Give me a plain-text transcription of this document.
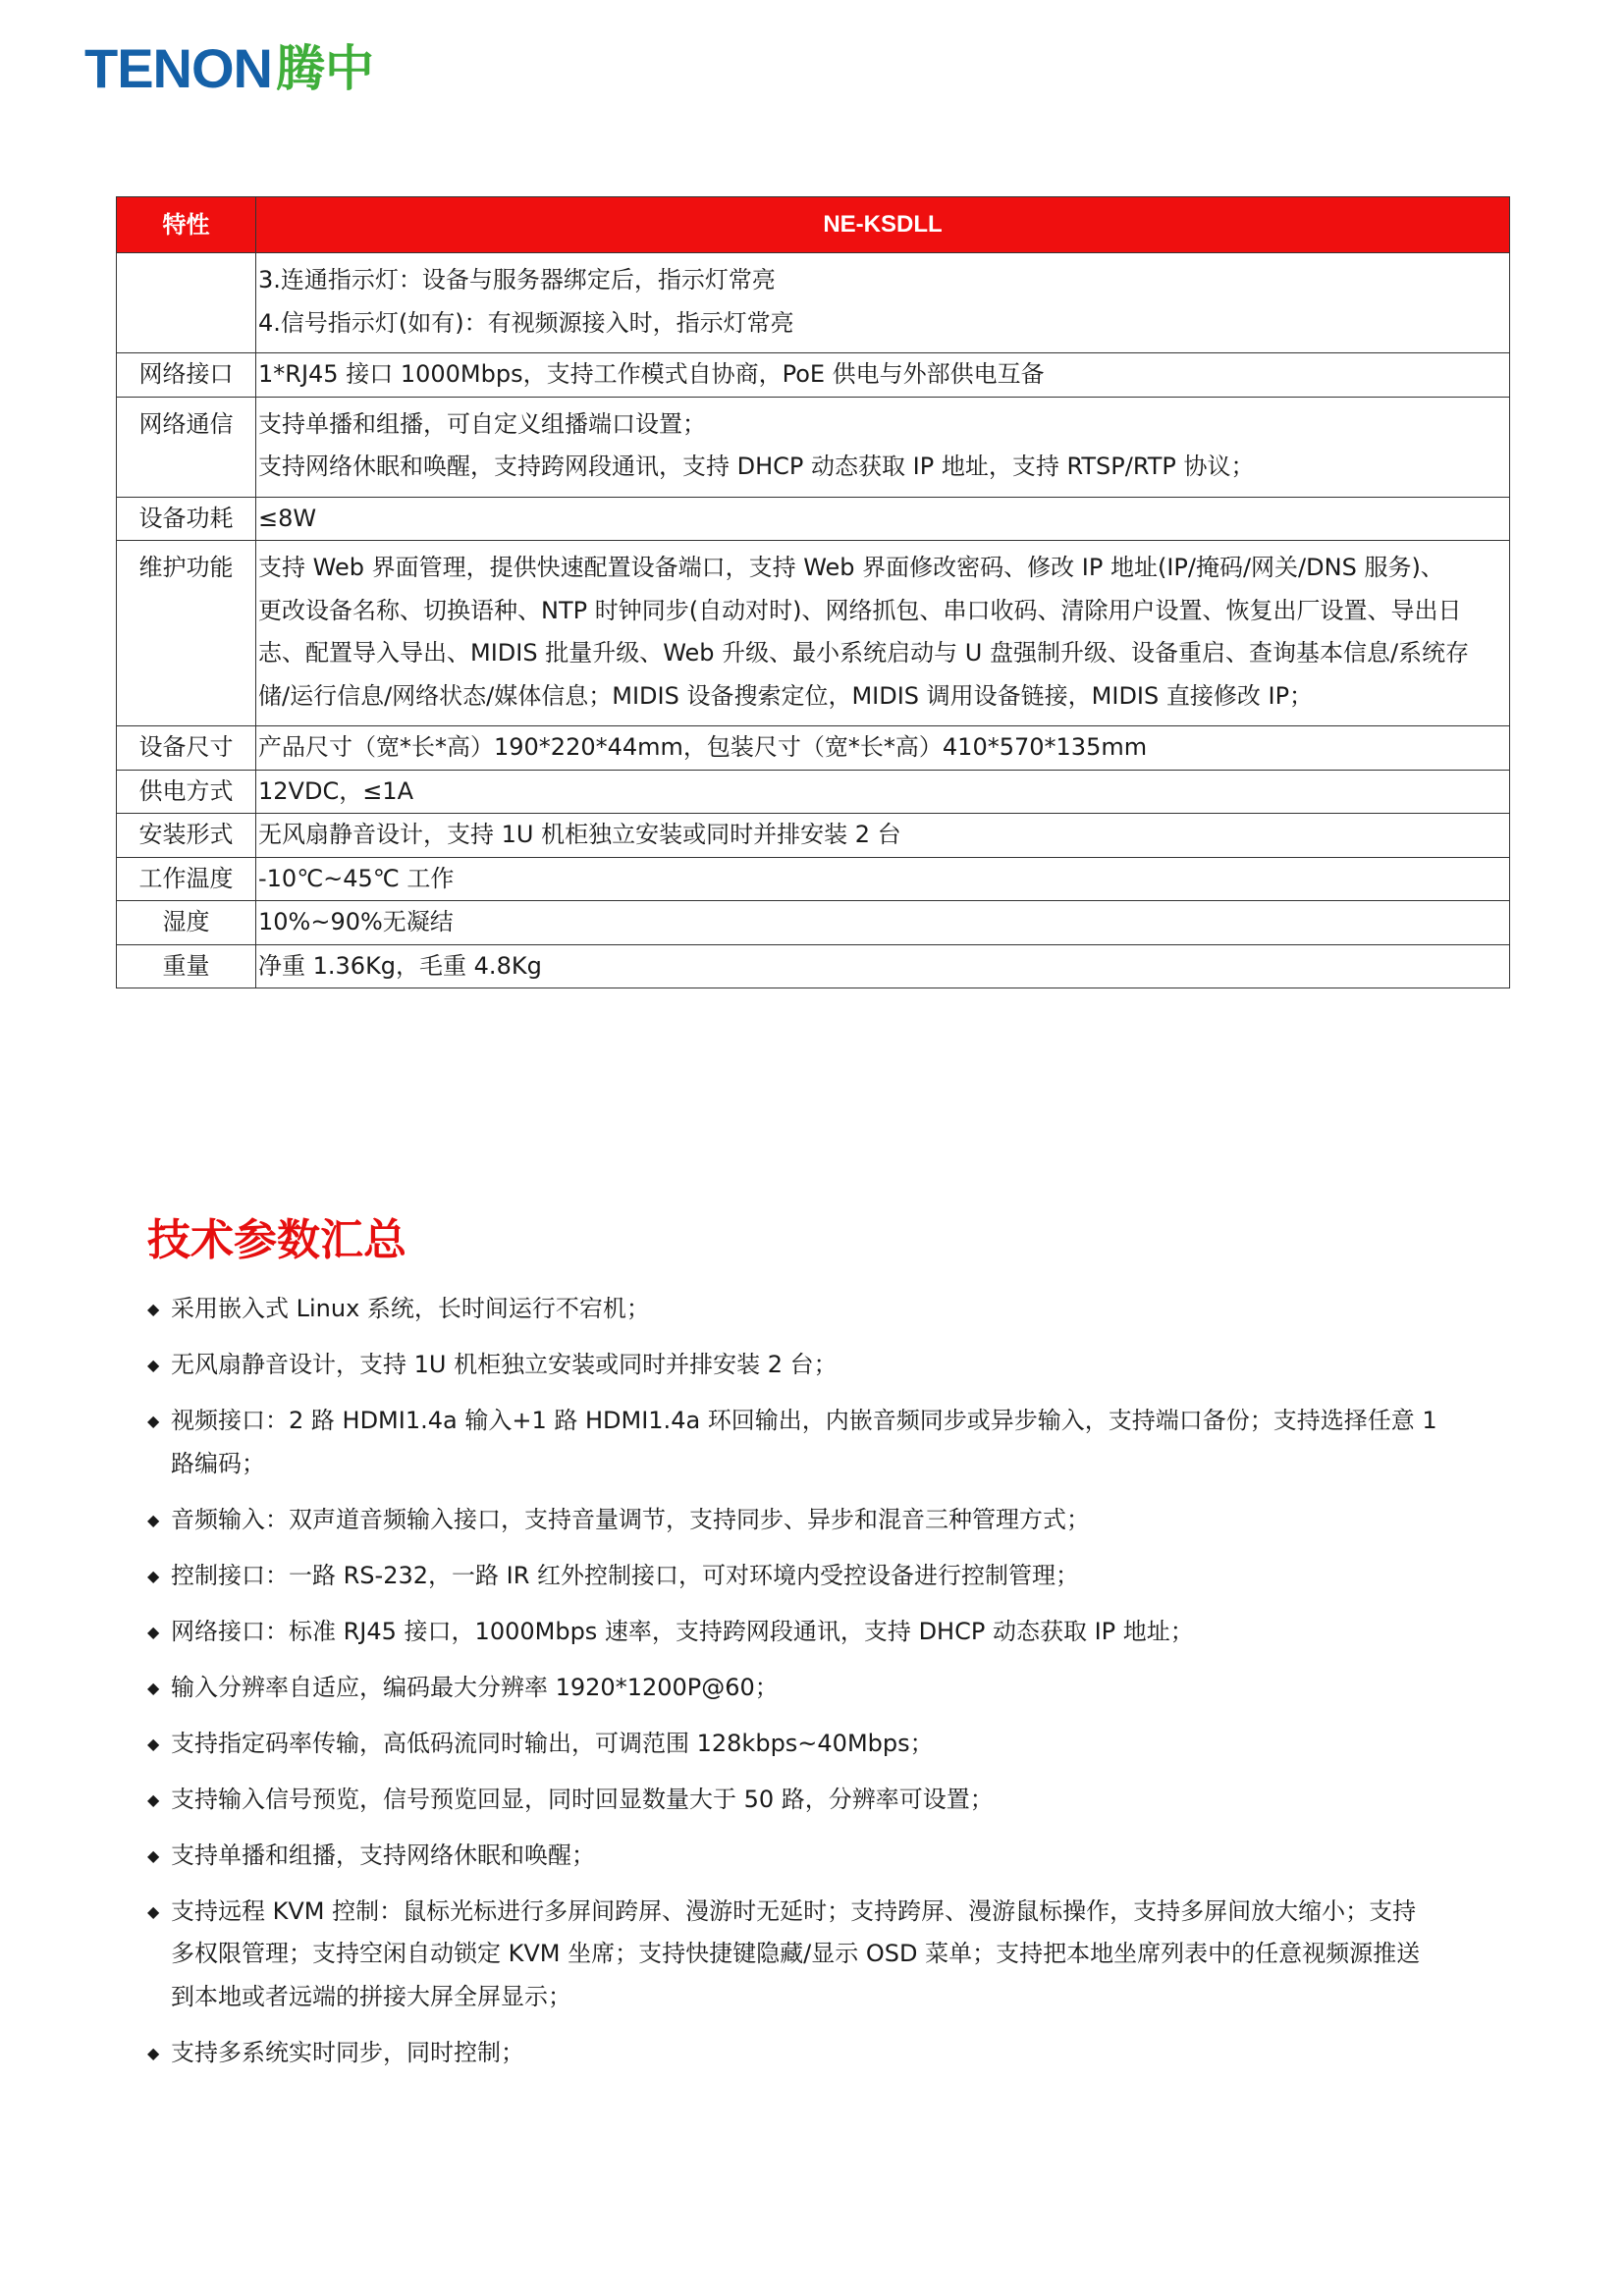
TENON 腾中
特性	NE-KSDLL

	3.连通指示灯：设备与服务器绑定后，指示灯常亮
4.信号指示灯(如有)：有视频源接入时，指示灯常亮

网络接口	1*RJ45 接口 1000Mbps，支持工作模式自协商，PoE 供电与外部供电互备

网络通信	支持单播和组播，可自定义组播端口设置；
支持网络休眠和唤醒，支持跨网段通讯，支持 DHCP 动态获取 IP 地址，支持 RTSP/RTP 协议；

设备功耗	≤8W

维护功能	支持 Web 界面管理，提供快速配置设备端口，支持 Web 界面修改密码、修改 IP 地址(IP/掩码/网关/DNS 服务)、
更改设备名称、切换语种、NTP 时钟同步(自动对时)、网络抓包、串口收码、清除用户设置、恢复出厂设置、导出日
志、配置导入导出、MIDIS 批量升级、Web 升级、最小系统启动与 U 盘强制升级、设备重启、查询基本信息/系统存
储/运行信息/网络状态/媒体信息；MIDIS 设备搜索定位，MIDIS 调用设备链接，MIDIS 直接修改 IP；

设备尺寸	产品尺寸（宽*长*高）190*220*44mm，包装尺寸（宽*长*高）410*570*135mm

供电方式	12VDC，≤1A

安装形式	无风扇静音设计，支持 1U 机柜独立安装或同时并排安装 2 台

工作温度	-10℃~45℃ 工作

湿度	10%~90%无凝结

重量	净重 1.36Kg，毛重 4.8Kg
技术参数汇总
◆ 采用嵌入式 Linux 系统，长时间运行不宕机；
◆ 无风扇静音设计，支持 1U 机柜独立安装或同时并排安装 2 台；
◆ 视频接口：2 路 HDMI1.4a 输入+1 路 HDMI1.4a 环回输出，内嵌音频同步或异步输入，支持端口备份；支持选择任意 1
路编码；
◆ 音频输入：双声道音频输入接口，支持音量调节，支持同步、异步和混音三种管理方式；
◆ 控制接口：一路 RS-232，一路 IR 红外控制接口，可对环境内受控设备进行控制管理；
◆ 网络接口：标准 RJ45 接口，1000Mbps 速率，支持跨网段通讯，支持 DHCP 动态获取 IP 地址；
◆ 输入分辨率自适应，编码最大分辨率 1920*1200P@60；
◆ 支持指定码率传输，高低码流同时输出，可调范围 128kbps~40Mbps；
◆ 支持输入信号预览，信号预览回显，同时回显数量大于 50 路，分辨率可设置；
◆ 支持单播和组播，支持网络休眠和唤醒；
◆ 支持远程 KVM 控制：鼠标光标进行多屏间跨屏、漫游时无延时；支持跨屏、漫游鼠标操作，支持多屏间放大缩小；支持
多权限管理；支持空闲自动锁定 KVM 坐席；支持快捷键隐藏/显示 OSD 菜单；支持把本地坐席列表中的任意视频源推送
到本地或者远端的拼接大屏全屏显示；
◆ 支持多系统实时同步，同时控制；
